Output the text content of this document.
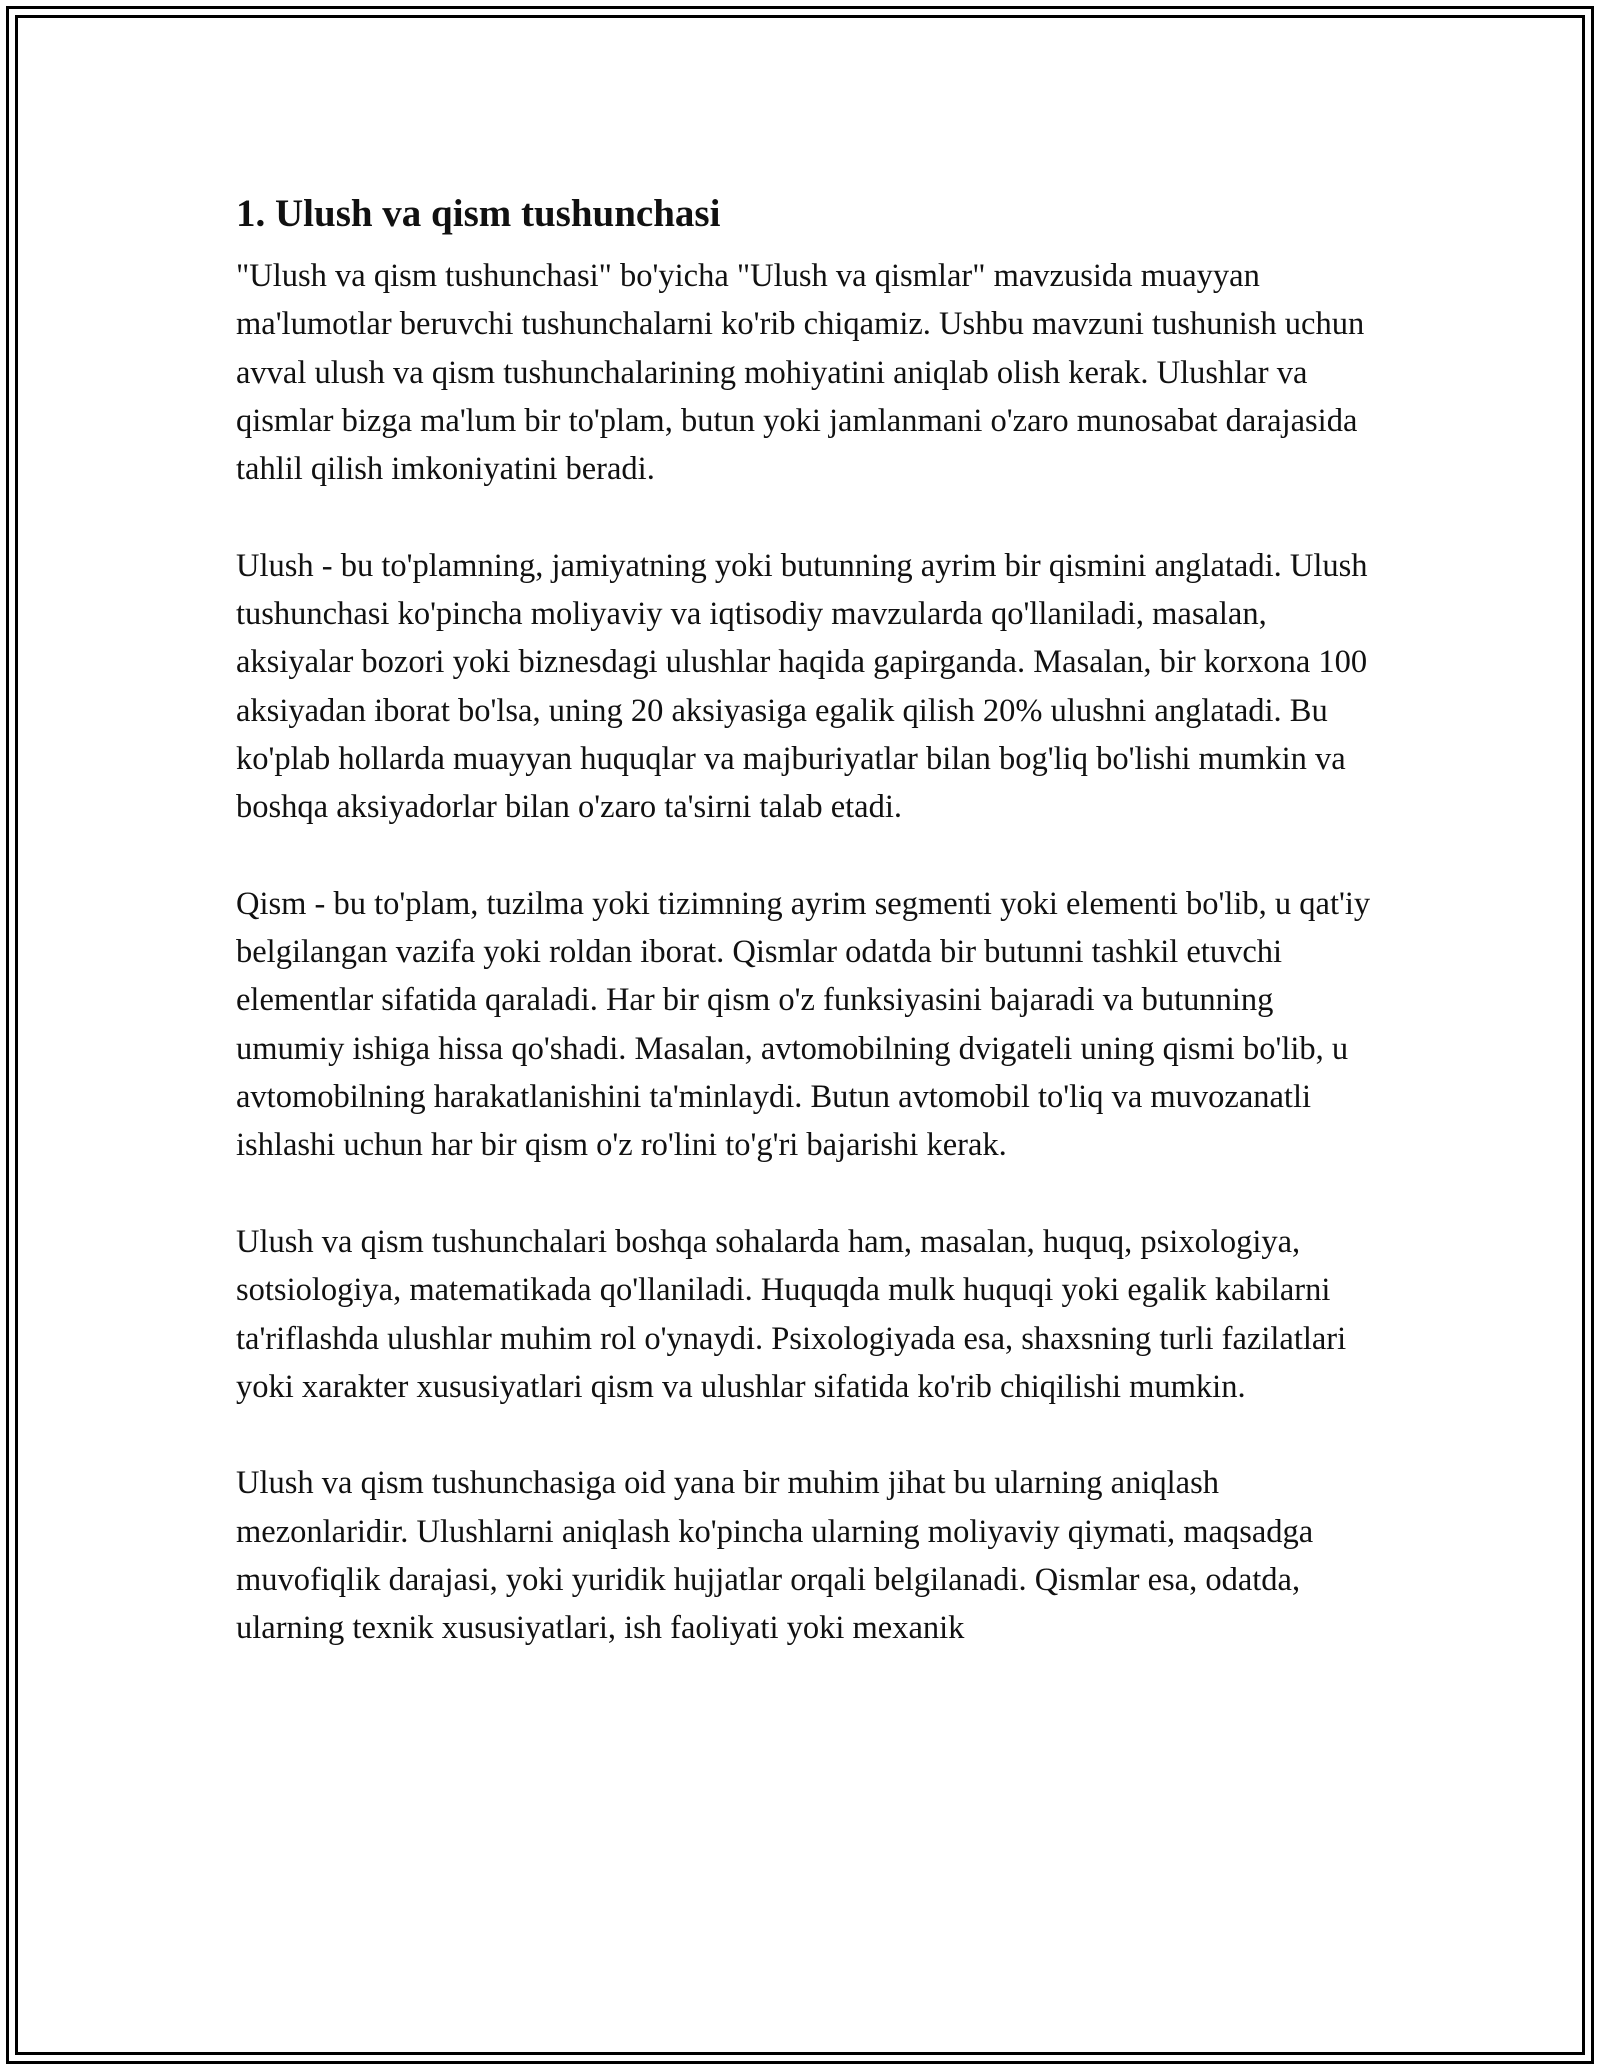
1. Ulush va qism tushunchasi

"Ulush va qism tushunchasi" bo'yicha "Ulush va qismlar" mavzusida muayyan ma'lumotlar beruvchi tushunchalarni ko'rib chiqamiz. Ushbu mavzuni tushunish uchun avval ulush va qism tushunchalarining mohiyatini aniqlab olish kerak. Ulushlar va qismlar bizga ma'lum bir to'plam, butun yoki jamlanmani o'zaro munosabat darajasida tahlil qilish imkoniyatini beradi.

Ulush - bu to'plamning, jamiyatning yoki butunning ayrim bir qismini anglatadi. Ulush tushunchasi ko'pincha moliyaviy va iqtisodiy mavzularda qo'llaniladi, masalan, aksiyalar bozori yoki biznesdagi ulushlar haqida gapirganda. Masalan, bir korxona 100 aksiyadan iborat bo'lsa, uning 20 aksiyasiga egalik qilish 20% ulushni anglatadi. Bu ko'plab hollarda muayyan huquqlar va majburiyatlar bilan bog'liq bo'lishi mumkin va boshqa aksiyadorlar bilan o'zaro ta'sirni talab etadi.

Qism - bu to'plam, tuzilma yoki tizimning ayrim segmenti yoki elementi bo'lib, u qat'iy belgilangan vazifa yoki roldan iborat. Qismlar odatda bir butunni tashkil etuvchi elementlar sifatida qaraladi. Har bir qism o'z funksiyasini bajaradi va butunning umumiy ishiga hissa qo'shadi. Masalan, avtomobilning dvigateli uning qismi bo'lib, u avtomobilning harakatlanishini ta'minlaydi. Butun avtomobil to'liq va muvozanatli ishlashi uchun har bir qism o'z ro'lini to'g'ri bajarishi kerak.

Ulush va qism tushunchalari boshqa sohalarda ham, masalan, huquq, psixologiya, sotsiologiya, matematikada qo'llaniladi. Huquqda mulk huquqi yoki egalik kabilarni ta'riflashda ulushlar muhim rol o'ynaydi. Psixologiyada esa, shaxsning turli fazilatlari yoki xarakter xususiyatlari qism va ulushlar sifatida ko'rib chiqilishi mumkin.

Ulush va qism tushunchasiga oid yana bir muhim jihat bu ularning aniqlash mezonlaridir. Ulushlarni aniqlash ko'pincha ularning moliyaviy qiymati, maqsadga muvofiqlik darajasi, yoki yuridik hujjatlar orqali belgilanadi. Qismlar esa, odatda, ularning texnik xususiyatlari, ish faoliyati yoki mexanik
